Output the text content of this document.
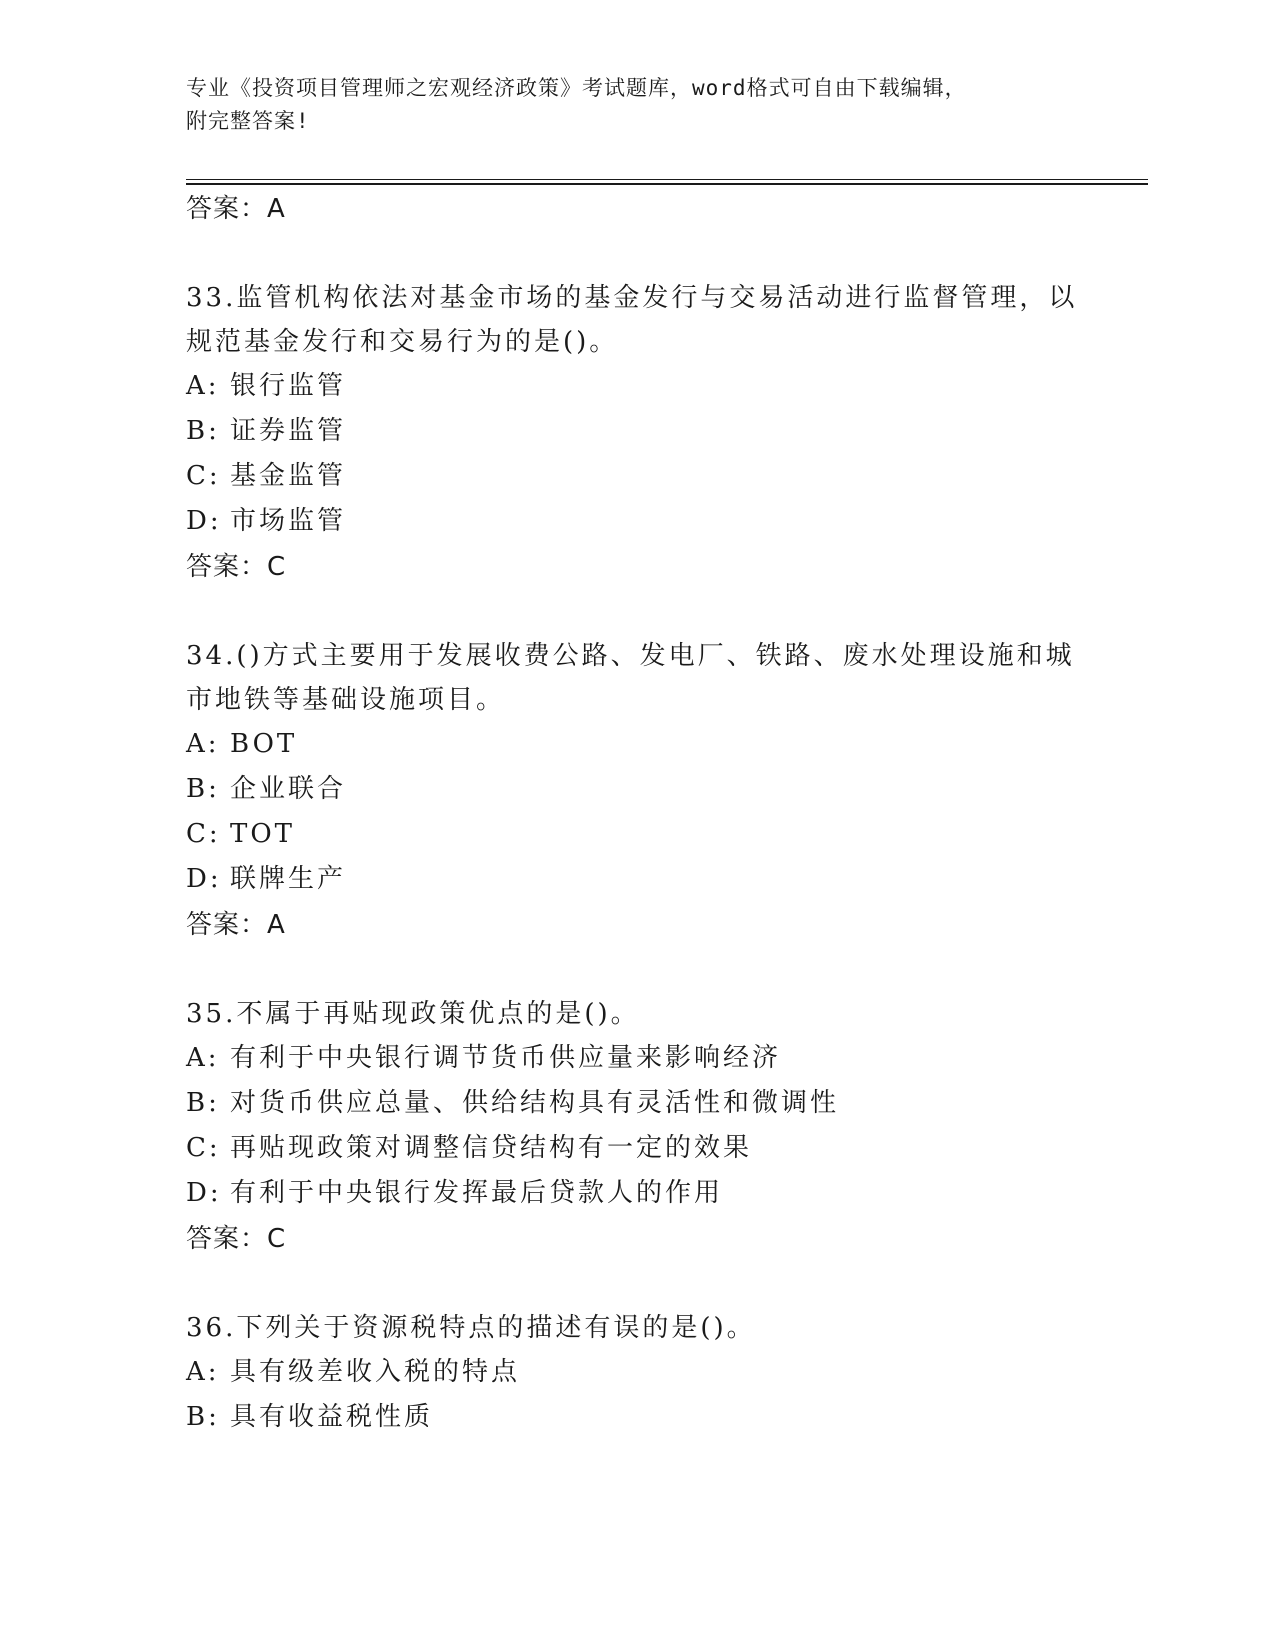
专业《投资项目管理师之宏观经济政策》考试题库，word格式可自由下载编辑，
附完整答案!

答案：A

33.监管机构依法对基金市场的基金发行与交易活动进行监督管理，以
规范基金发行和交易行为的是()。

A: 银行监管

B: 证券监管

C: 基金监管

D: 市场监管

答案：C

34.()方式主要用于发展收费公路、发电厂、铁路、废水处理设施和城
市地铁等基础设施项目。

A: BOT

B: 企业联合

C: TOT

D: 联牌生产

答案：A

35.不属于再贴现政策优点的是()。

A: 有利于中央银行调节货币供应量来影响经济

B: 对货币供应总量、供给结构具有灵活性和微调性

C: 再贴现政策对调整信贷结构有一定的效果

D: 有利于中央银行发挥最后贷款人的作用

答案：C

36.下列关于资源税特点的描述有误的是()。

A: 具有级差收入税的特点

B: 具有收益税性质
